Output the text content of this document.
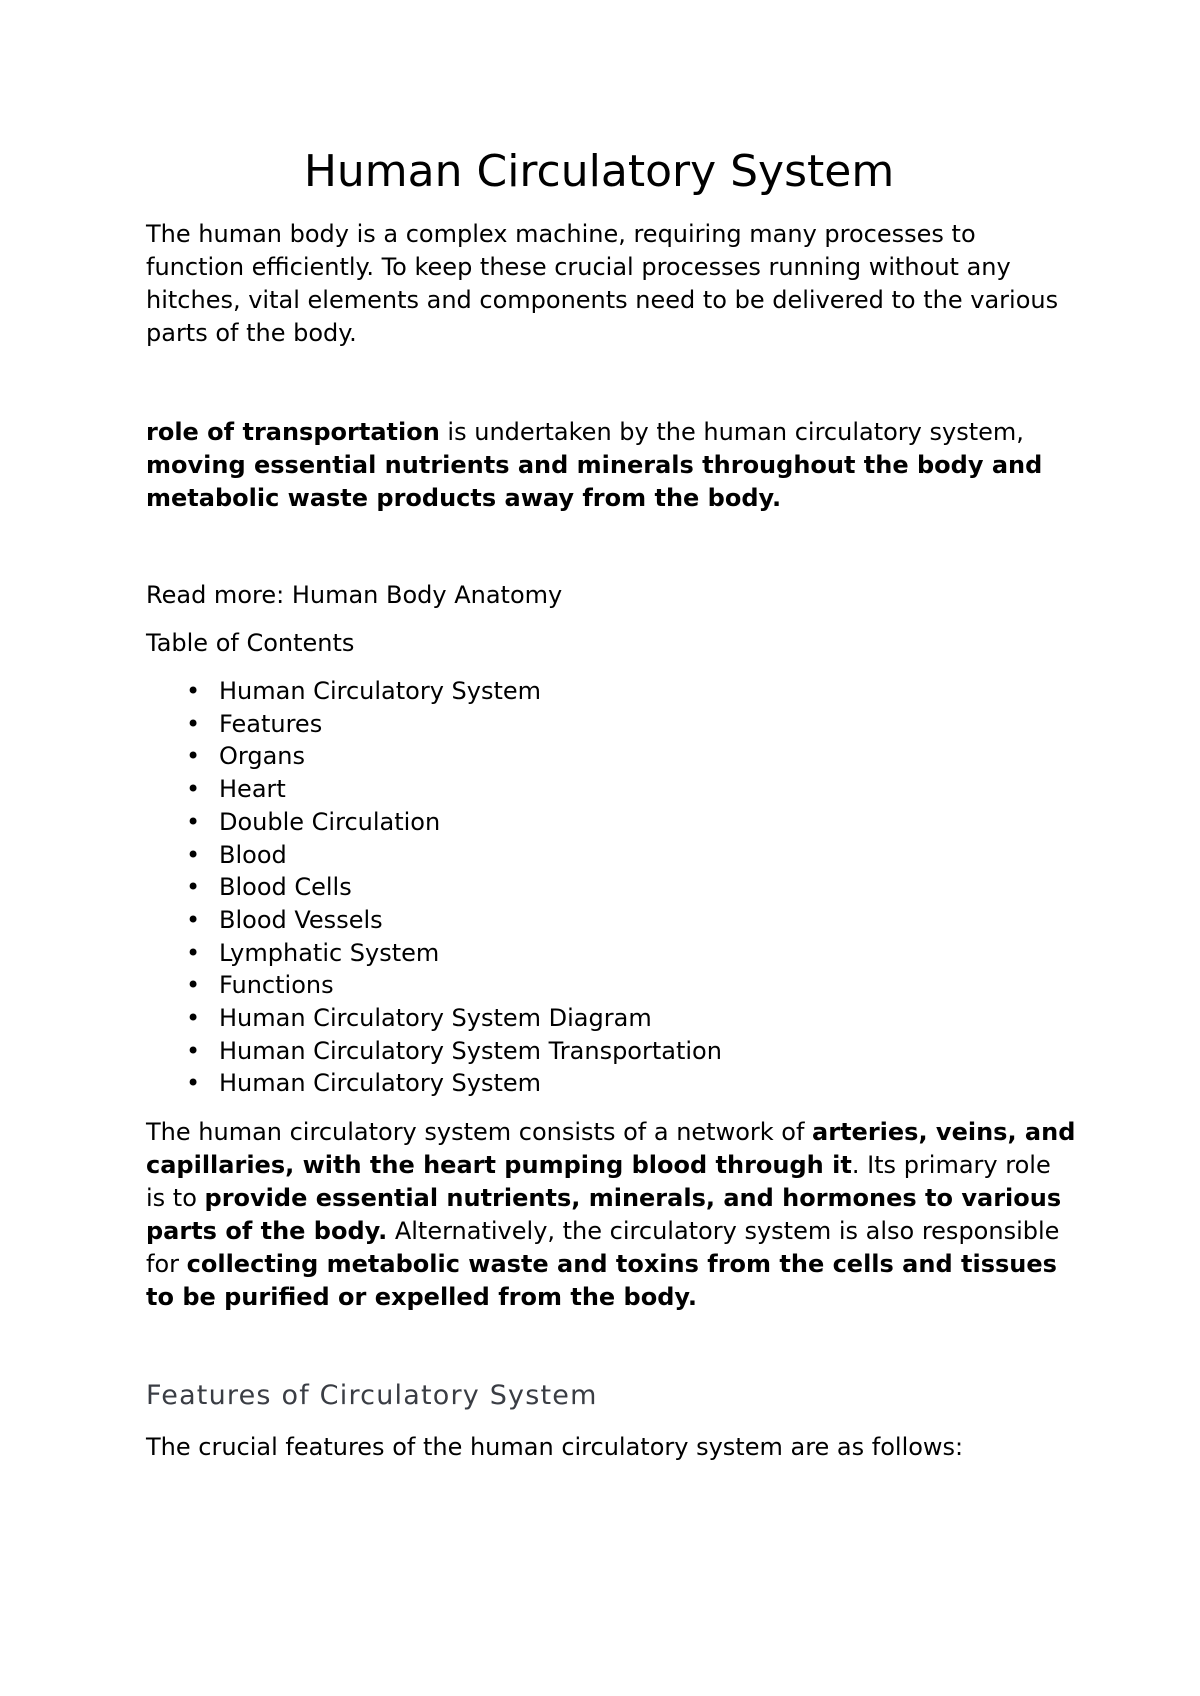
Human Circulatory System

The human body is a complex machine, requiring many processes to function efficiently. To keep these crucial processes running without any hitches, vital elements and components need to be delivered to the various parts of the body.

role of transportation is undertaken by the human circulatory system, moving essential nutrients and minerals throughout the body and metabolic waste products away from the body.

Read more: Human Body Anatomy

Table of Contents

• Human Circulatory System
• Features
• Organs
• Heart
• Double Circulation
• Blood
• Blood Cells
• Blood Vessels
• Lymphatic System
• Functions
• Human Circulatory System Diagram
• Human Circulatory System Transportation
• Human Circulatory System

The human circulatory system consists of a network of arteries, veins, and capillaries, with the heart pumping blood through it. Its primary role is to provide essential nutrients, minerals, and hormones to various parts of the body. Alternatively, the circulatory system is also responsible for collecting metabolic waste and toxins from the cells and tissues to be purified or expelled from the body.

Features of Circulatory System

The crucial features of the human circulatory system are as follows:
